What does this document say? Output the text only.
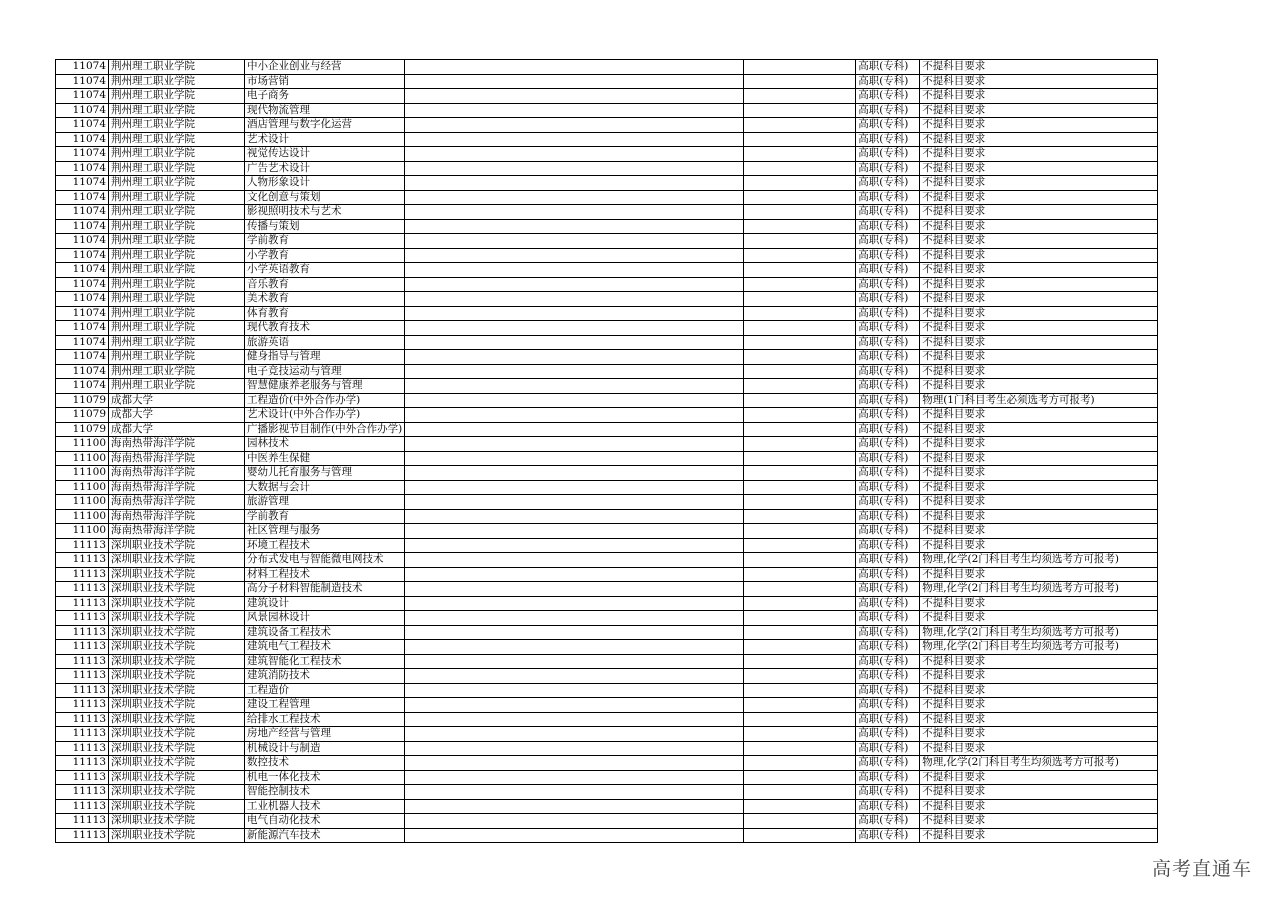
11074	荆州理工职业学院	中小企业创业与经营			高职(专科)	不提科目要求
11074	荆州理工职业学院	市场营销			高职(专科)	不提科目要求
11074	荆州理工职业学院	电子商务			高职(专科)	不提科目要求
11074	荆州理工职业学院	现代物流管理			高职(专科)	不提科目要求
11074	荆州理工职业学院	酒店管理与数字化运营			高职(专科)	不提科目要求
11074	荆州理工职业学院	艺术设计			高职(专科)	不提科目要求
11074	荆州理工职业学院	视觉传达设计			高职(专科)	不提科目要求
11074	荆州理工职业学院	广告艺术设计			高职(专科)	不提科目要求
11074	荆州理工职业学院	人物形象设计			高职(专科)	不提科目要求
11074	荆州理工职业学院	文化创意与策划			高职(专科)	不提科目要求
11074	荆州理工职业学院	影视照明技术与艺术			高职(专科)	不提科目要求
11074	荆州理工职业学院	传播与策划			高职(专科)	不提科目要求
11074	荆州理工职业学院	学前教育			高职(专科)	不提科目要求
11074	荆州理工职业学院	小学教育			高职(专科)	不提科目要求
11074	荆州理工职业学院	小学英语教育			高职(专科)	不提科目要求
11074	荆州理工职业学院	音乐教育			高职(专科)	不提科目要求
11074	荆州理工职业学院	美术教育			高职(专科)	不提科目要求
11074	荆州理工职业学院	体育教育			高职(专科)	不提科目要求
11074	荆州理工职业学院	现代教育技术			高职(专科)	不提科目要求
11074	荆州理工职业学院	旅游英语			高职(专科)	不提科目要求
11074	荆州理工职业学院	健身指导与管理			高职(专科)	不提科目要求
11074	荆州理工职业学院	电子竞技运动与管理			高职(专科)	不提科目要求
11074	荆州理工职业学院	智慧健康养老服务与管理			高职(专科)	不提科目要求
11079	成都大学	工程造价(中外合作办学)			高职(专科)	物理(1门科目考生必须选考方可报考)
11079	成都大学	艺术设计(中外合作办学)			高职(专科)	不提科目要求
11079	成都大学	广播影视节目制作(中外合作办学)			高职(专科)	不提科目要求
11100	海南热带海洋学院	园林技术			高职(专科)	不提科目要求
11100	海南热带海洋学院	中医养生保健			高职(专科)	不提科目要求
11100	海南热带海洋学院	婴幼儿托育服务与管理			高职(专科)	不提科目要求
11100	海南热带海洋学院	大数据与会计			高职(专科)	不提科目要求
11100	海南热带海洋学院	旅游管理			高职(专科)	不提科目要求
11100	海南热带海洋学院	学前教育			高职(专科)	不提科目要求
11100	海南热带海洋学院	社区管理与服务			高职(专科)	不提科目要求
11113	深圳职业技术学院	环境工程技术			高职(专科)	不提科目要求
11113	深圳职业技术学院	分布式发电与智能微电网技术			高职(专科)	物理,化学(2门科目考生均须选考方可报考)
11113	深圳职业技术学院	材料工程技术			高职(专科)	不提科目要求
11113	深圳职业技术学院	高分子材料智能制造技术			高职(专科)	物理,化学(2门科目考生均须选考方可报考)
11113	深圳职业技术学院	建筑设计			高职(专科)	不提科目要求
11113	深圳职业技术学院	风景园林设计			高职(专科)	不提科目要求
11113	深圳职业技术学院	建筑设备工程技术			高职(专科)	物理,化学(2门科目考生均须选考方可报考)
11113	深圳职业技术学院	建筑电气工程技术			高职(专科)	物理,化学(2门科目考生均须选考方可报考)
11113	深圳职业技术学院	建筑智能化工程技术			高职(专科)	不提科目要求
11113	深圳职业技术学院	建筑消防技术			高职(专科)	不提科目要求
11113	深圳职业技术学院	工程造价			高职(专科)	不提科目要求
11113	深圳职业技术学院	建设工程管理			高职(专科)	不提科目要求
11113	深圳职业技术学院	给排水工程技术			高职(专科)	不提科目要求
11113	深圳职业技术学院	房地产经营与管理			高职(专科)	不提科目要求
11113	深圳职业技术学院	机械设计与制造			高职(专科)	不提科目要求
11113	深圳职业技术学院	数控技术			高职(专科)	物理,化学(2门科目考生均须选考方可报考)
11113	深圳职业技术学院	机电一体化技术			高职(专科)	不提科目要求
11113	深圳职业技术学院	智能控制技术			高职(专科)	不提科目要求
11113	深圳职业技术学院	工业机器人技术			高职(专科)	不提科目要求
11113	深圳职业技术学院	电气自动化技术			高职(专科)	不提科目要求
11113	深圳职业技术学院	新能源汽车技术			高职(专科)	不提科目要求
高考直通车
